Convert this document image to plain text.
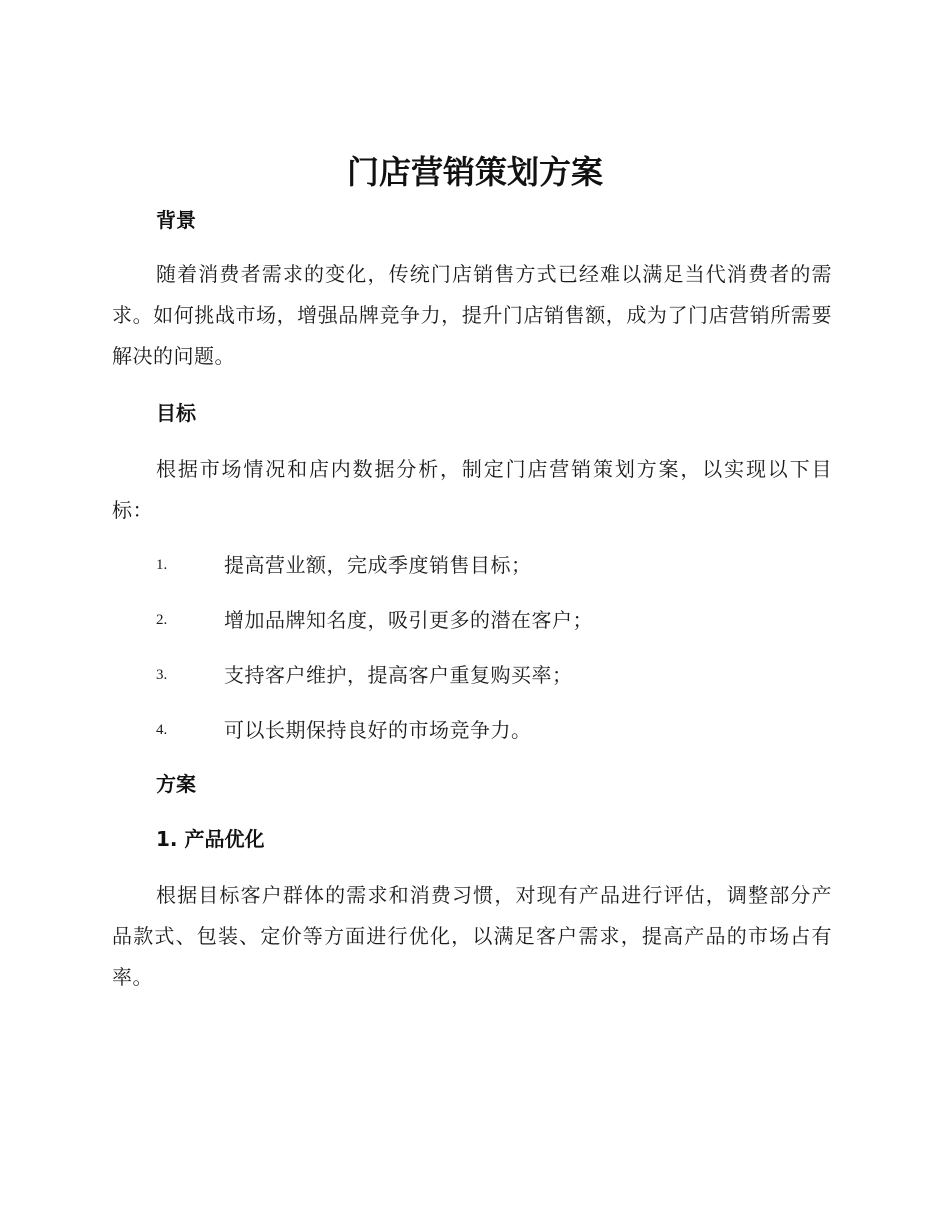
门店营销策划方案
背景
随着消费者需求的变化，传统门店销售方式已经难以满足当代消费者的需求。如何挑战市场，增强品牌竞争力，提升门店销售额，成为了门店营销所需要解决的问题。
目标
根据市场情况和店内数据分析，制定门店营销策划方案，以实现以下目标：
1.	提高营业额，完成季度销售目标；
2.	增加品牌知名度，吸引更多的潜在客户；
3.	支持客户维护，提高客户重复购买率；
4.	可以长期保持良好的市场竞争力。
方案
1. 产品优化
根据目标客户群体的需求和消费习惯，对现有产品进行评估，调整部分产品款式、包装、定价等方面进行优化，以满足客户需求，提高产品的市场占有率。
